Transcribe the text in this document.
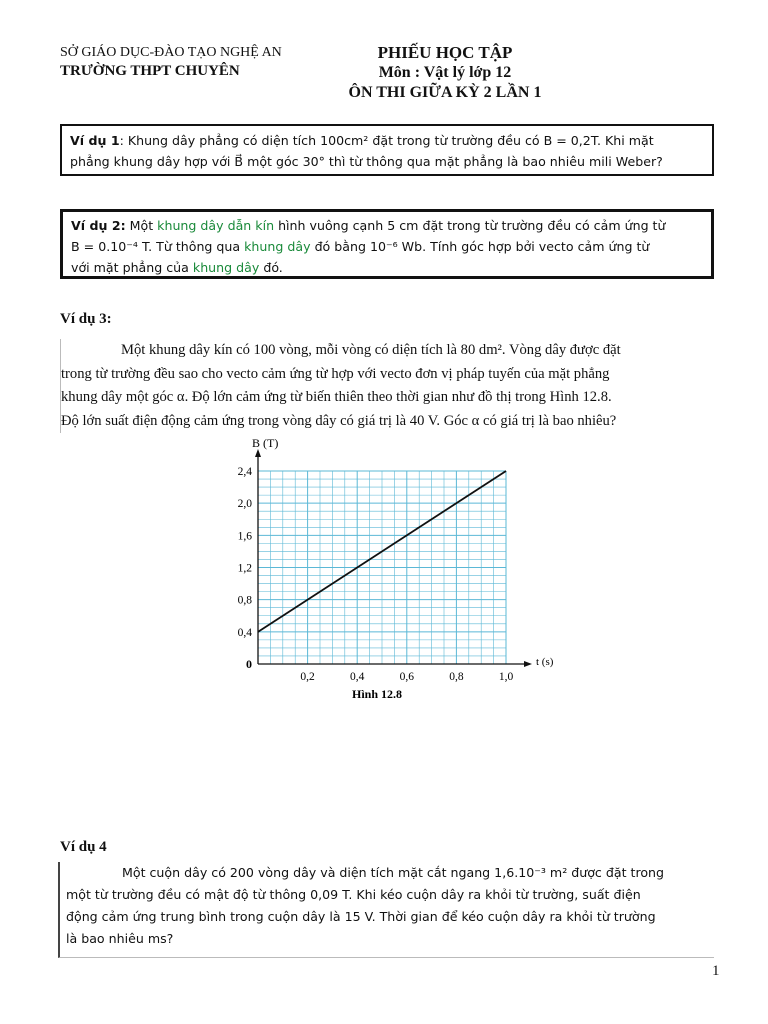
SỞ GIÁO DỤC-ĐÀO TẠO NGHỆ AN
TRƯỜNG THPT CHUYÊN
PHIẾU HỌC TẬP
Môn : Vật lý lớp 12
ÔN THI GIỮA KỲ 2 LẦN 1
Ví dụ 1: Khung dây phẳng có diện tích 100cm² đặt trong từ trường đều có B = 0,2T. Khi mặt
phẳng khung dây hợp với B⃗ một góc 30° thì từ thông qua mặt phẳng là bao nhiêu mili Weber?
Ví dụ 2: Một khung dây dẫn kín hình vuông cạnh 5 cm đặt trong từ trường đều có cảm ứng từ
B = 0.10⁻⁴ T. Từ thông qua khung dây đó bằng 10⁻⁶ Wb. Tính góc hợp bởi vecto cảm ứng từ
với mặt phẳng của khung dây đó.
Ví dụ 3:
Một khung dây kín có 100 vòng, mỗi vòng có diện tích là 80 dm². Vòng dây được đặt
trong từ trường đều sao cho vecto cảm ứng từ hợp với vecto đơn vị pháp tuyến của mặt phẳng
khung dây một góc α. Độ lớn cảm ứng từ biến thiên theo thời gian như đồ thị trong Hình 12.8.
Độ lớn suất điện động cảm ứng trong vòng dây có giá trị là 40 V. Góc α có giá trị là bao nhiêu?
0,2	0,4	0,6	0,8	1,0
0,4
0,8
1,2
1,6
2,0
2,4
B (T)
t (s)
0
Hình 12.8
Ví dụ 4
Một cuộn dây có 200 vòng dây và diện tích mặt cắt ngang 1,6.10⁻³ m² được đặt trong
một từ trường đều có mật độ từ thông 0,09 T. Khi kéo cuộn dây ra khỏi từ trường, suất điện
động cảm ứng trung bình trong cuộn dây là 15 V. Thời gian để kéo cuộn dây ra khỏi từ trường
là bao nhiêu ms?
1
